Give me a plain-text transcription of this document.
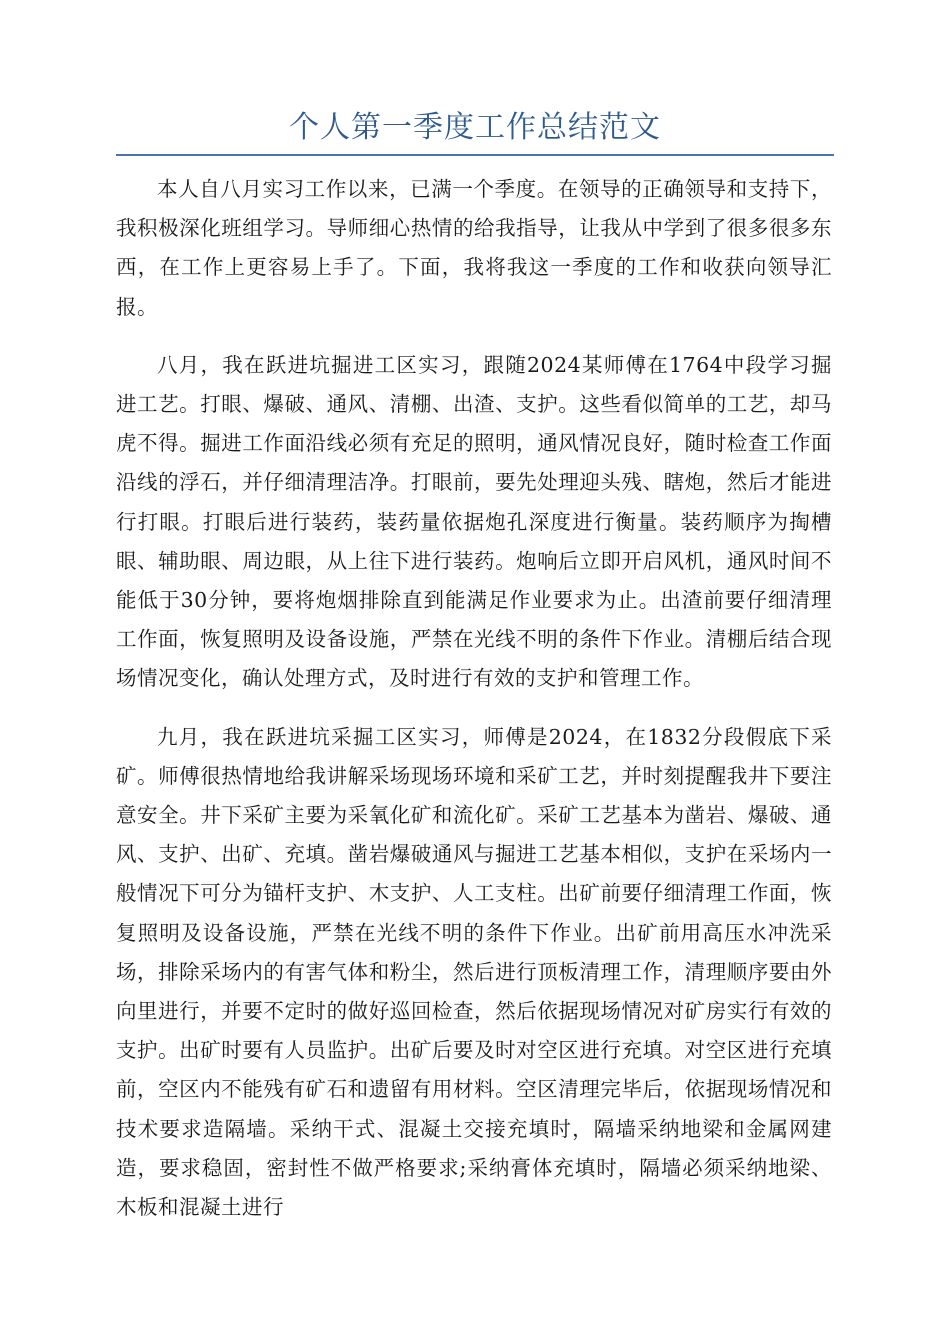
个人第一季度工作总结范文

本人自八月实习工作以来，已满一个季度。在领导的正确领导和支持下，我积极深化班组学习。导师细心热情的给我指导，让我从中学到了很多很多东西，在工作上更容易上手了。下面，我将我这一季度的工作和收获向领导汇报。

八月，我在跃进坑掘进工区实习，跟随2024某师傅在1764中段学习掘进工艺。打眼、爆破、通风、清棚、出渣、支护。这些看似简单的工艺，却马虎不得。掘进工作面沿线必须有充足的照明，通风情况良好，随时检查工作面沿线的浮石，并仔细清理洁净。打眼前，要先处理迎头残、瞎炮，然后才能进行打眼。打眼后进行装药，装药量依据炮孔深度进行衡量。装药顺序为掏槽眼、辅助眼、周边眼，从上往下进行装药。炮响后立即开启风机，通风时间不能低于30分钟，要将炮烟排除直到能满足作业要求为止。出渣前要仔细清理工作面，恢复照明及设备设施，严禁在光线不明的条件下作业。清棚后结合现场情况变化，确认处理方式，及时进行有效的支护和管理工作。

九月，我在跃进坑采掘工区实习，师傅是2024，在1832分段假底下采矿。师傅很热情地给我讲解采场现场环境和采矿工艺，并时刻提醒我井下要注意安全。井下采矿主要为采氧化矿和流化矿。采矿工艺基本为凿岩、爆破、通风、支护、出矿、充填。凿岩爆破通风与掘进工艺基本相似，支护在采场内一般情况下可分为锚杆支护、木支护、人工支柱。出矿前要仔细清理工作面，恢复照明及设备设施，严禁在光线不明的条件下作业。出矿前用高压水冲洗采场，排除采场内的有害气体和粉尘，然后进行顶板清理工作，清理顺序要由外向里进行，并要不定时的做好巡回检查，然后依据现场情况对矿房实行有效的支护。出矿时要有人员监护。出矿后要及时对空区进行充填。对空区进行充填前，空区内不能残有矿石和遗留有用材料。空区清理完毕后，依据现场情况和技术要求造隔墙。采纳干式、混凝土交接充填时，隔墙采纳地梁和金属网建造，要求稳固，密封性不做严格要求;采纳膏体充填时，隔墙必须采纳地梁、木板和混凝土进行
